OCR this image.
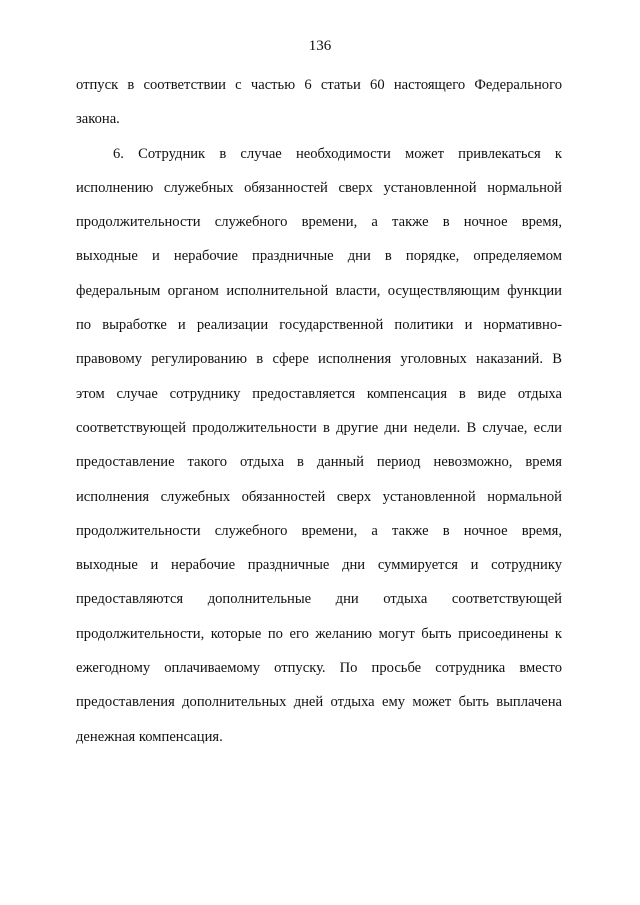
136
отпуск в соответствии с частью 6 статьи 60 настоящего Федерального
закона.
6. Сотрудник в случае необходимости может привлекаться к
исполнению служебных обязанностей сверх установленной нормальной
продолжительности служебного времени, а также в ночное время,
выходные и нерабочие праздничные дни в порядке, определяемом
федеральным органом исполнительной власти, осуществляющим функции
по выработке и реализации государственной политики и нормативно-
правовому регулированию в сфере исполнения уголовных наказаний. В
этом случае сотруднику предоставляется компенсация в виде отдыха
соответствующей продолжительности в другие дни недели. В случае, если
предоставление такого отдыха в данный период невозможно, время
исполнения служебных обязанностей сверх установленной нормальной
продолжительности служебного времени, а также в ночное время,
выходные и нерабочие праздничные дни суммируется и сотруднику
предоставляются дополнительные дни отдыха соответствующей
продолжительности, которые по его желанию могут быть присоединены к
ежегодному оплачиваемому отпуску. По просьбе сотрудника вместо
предоставления дополнительных дней отдыха ему может быть выплачена
денежная компенсация.
